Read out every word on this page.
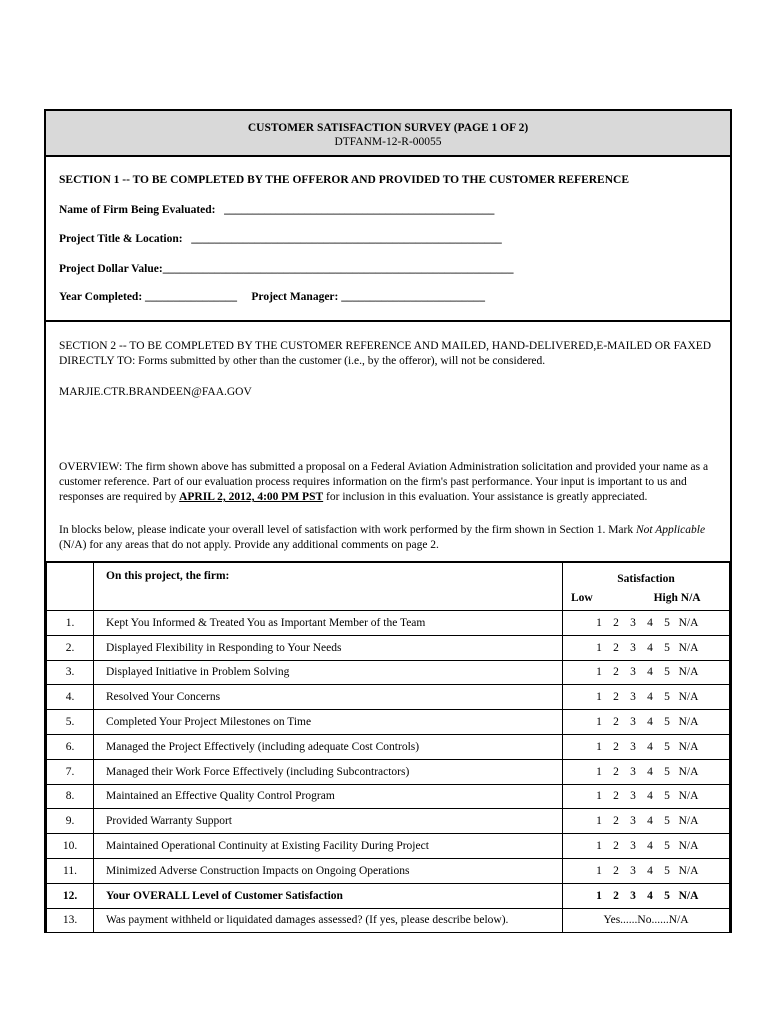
CUSTOMER SATISFACTION SURVEY (PAGE 1 OF 2)
DTFANM-12-R-00055
SECTION 1 -- TO BE COMPLETED BY THE OFFEROR AND PROVIDED TO THE CUSTOMER REFERENCE
Name of Firm Being Evaluated: _______________________________________________
Project Title & Location: ______________________________________________________
Project Dollar Value:_____________________________________________________________
Year Completed: ________________ Project Manager: _________________________

SECTION 2 -- TO BE COMPLETED BY THE CUSTOMER REFERENCE AND MAILED, HAND-DELIVERED,E-MAILED OR FAXED DIRECTLY TO: Forms submitted by other than the customer (i.e., by the offeror), will not be considered.

MARJIE.CTR.BRANDEEN@FAA.GOV

OVERVIEW: The firm shown above has submitted a proposal on a Federal Aviation Administration solicitation and provided your name as a customer reference. Part of our evaluation process requires information on the firm's past performance. Your input is important to us and responses are required by APRIL 2, 2012, 4:00 PM PST for inclusion in this evaluation. Your assistance is greatly appreciated.

In blocks below, please indicate your overall level of satisfaction with work performed by the firm shown in Section 1. Mark Not Applicable (N/A) for any areas that do not apply. Provide any additional comments on page 2.

	On this project, the firm:	Satisfaction
Low High N/A

1.	Kept You Informed & Treated You as Important Member of the Team	1 2 3 4 5 N/A
2.	Displayed Flexibility in Responding to Your Needs	1 2 3 4 5 N/A
3.	Displayed Initiative in Problem Solving	1 2 3 4 5 N/A
4.	Resolved Your Concerns	1 2 3 4 5 N/A
5.	Completed Your Project Milestones on Time	1 2 3 4 5 N/A
6.	Managed the Project Effectively (including adequate Cost Controls)	1 2 3 4 5 N/A
7.	Managed their Work Force Effectively (including Subcontractors)	1 2 3 4 5 N/A
8.	Maintained an Effective Quality Control Program	1 2 3 4 5 N/A
9.	Provided Warranty Support	1 2 3 4 5 N/A
10.	Maintained Operational Continuity at Existing Facility During Project	1 2 3 4 5 N/A
11.	Minimized Adverse Construction Impacts on Ongoing Operations	1 2 3 4 5 N/A
12.	Your OVERALL Level of Customer Satisfaction	1 2 3 4 5 N/A
13.	Was payment withheld or liquidated damages assessed? (If yes, please describe below).	Yes......No......N/A
